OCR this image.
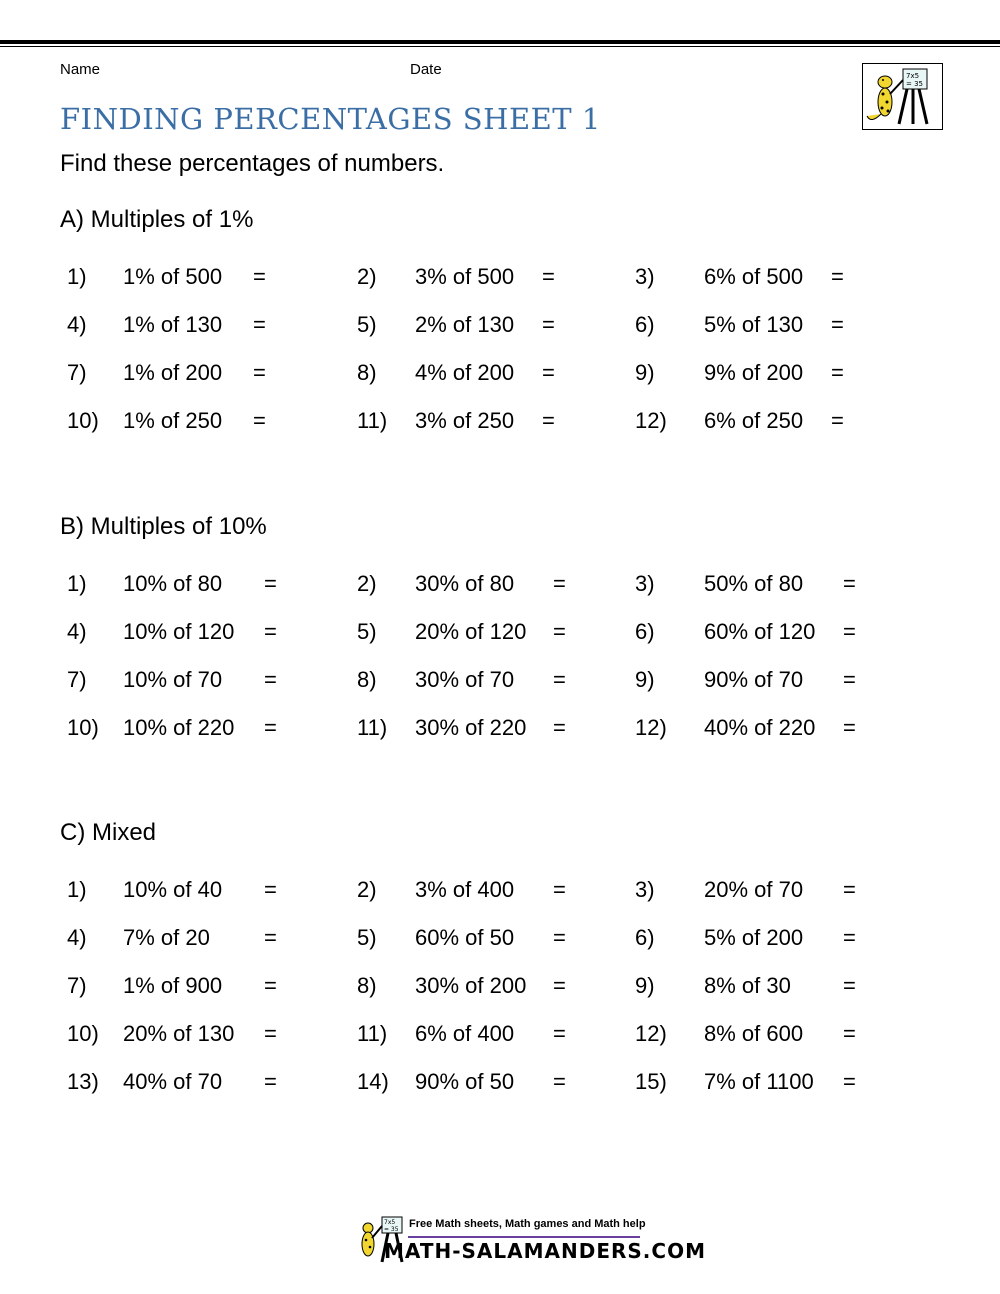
Name	Date	7x5
= 35
FINDING PERCENTAGES SHEET 1
Find these percentages of numbers.
A) Multiples of 1%
1) 1% of 500 =	2) 3% of 500 =	3) 6% of 500 =
4) 1% of 130 =	5) 2% of 130 =	6) 5% of 130 =
7) 1% of 200 =	8) 4% of 200 =	9) 9% of 200 =
10) 1% of 250 =	11) 3% of 250 =	12) 6% of 250 =
B) Multiples of 10%
1) 10% of 80 =	2) 30% of 80 =	3) 50% of 80 =
4) 10% of 120 =	5) 20% of 120 =	6) 60% of 120 =
7) 10% of 70 =	8) 30% of 70 =	9) 90% of 70 =
10) 10% of 220 =	11) 30% of 220 =	12) 40% of 220 =
C) Mixed
1) 10% of 40 =	2) 3% of 400 =	3) 20% of 70 =
4) 7% of 20 =	5) 60% of 50 =	6) 5% of 200 =
7) 1% of 900 =	8) 30% of 200 =	9) 8% of 30 =
10) 20% of 130 =	11) 6% of 400 =	12) 8% of 600 =
13) 40% of 70 =	14) 90% of 50 =	15) 7% of 1100 =
7x5
= 35 Free Math sheets, Math games and Math help
MATH-SALAMANDERS.COM
